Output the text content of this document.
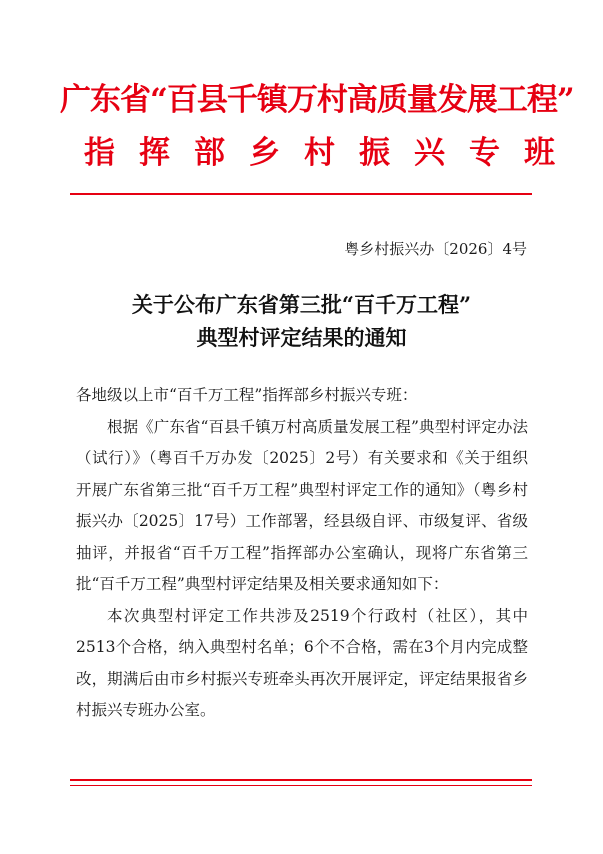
广东省“百县千镇万村高质量发展工程”
指挥部乡村振兴专班
粤乡村振兴办〔2026〕4号
关于公布广东省第三批“百千万工程”
典型村评定结果的通知

各地级以上市“百千万工程”指挥部乡村振兴专班：

根据《广东省“百县千镇万村高质量发展工程”典型村评定办法（试行）》（粤百千万办发〔2025〕2号）有关要求和《关于组织开展广东省第三批“百千万工程”典型村评定工作的通知》（粤乡村振兴办〔2025〕17号）工作部署，经县级自评、市级复评、省级抽评，并报省“百千万工程”指挥部办公室确认，现将广东省第三批“百千万工程”典型村评定结果及相关要求通知如下：

本次典型村评定工作共涉及2519个行政村（社区），其中2513个合格，纳入典型村名单；6个不合格，需在3个月内完成整改，期满后由市乡村振兴专班牵头再次开展评定，评定结果报省乡村振兴专班办公室。
